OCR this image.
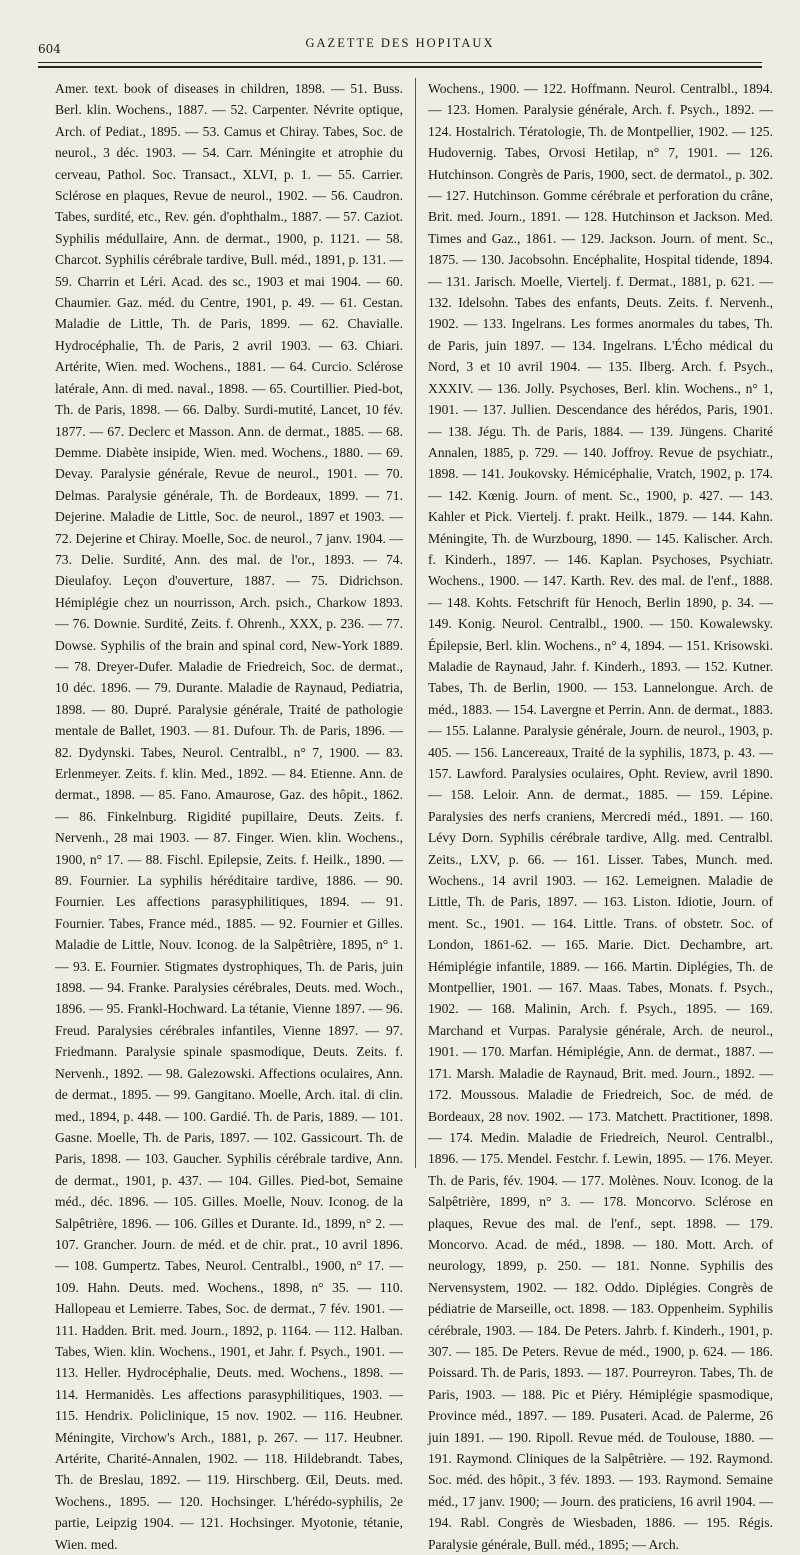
604	GAZETTE DES HOPITAUX

Amer. text. book of diseases in children, 1898. — 51. Buss. Berl. klin. Wochens., 1887. — 52. Carpenter. Névrite optique, Arch. of Pediat., 1895. — 53. Camus et Chiray. Tabes, Soc. de neurol., 3 déc. 1903. — 54. Carr. Méningite et atrophie du cerveau, Pathol. Soc. Transact., XLVI, p. 1. — 55. Carrier. Sclérose en plaques, Revue de neurol., 1902. — 56. Caudron. Tabes, surdité, etc., Rev. gén. d'ophthalm., 1887. — 57. Caziot. Syphilis médullaire, Ann. de dermat., 1900, p. 1121. — 58. Charcot. Syphilis cérébrale tardive, Bull. méd., 1891, p. 131. — 59. Charrin et Léri. Acad. des sc., 1903 et mai 1904. — 60. Chaumier. Gaz. méd. du Centre, 1901, p. 49. — 61. Cestan. Maladie de Little, Th. de Paris, 1899. — 62. Chavialle. Hydrocéphalie, Th. de Paris, 2 avril 1903. — 63. Chiari. Artérite, Wien. med. Wochens., 1881. — 64. Curcio. Sclérose latérale, Ann. di med. naval., 1898. — 65. Courtillier. Pied-bot, Th. de Paris, 1898. — 66. Dalby. Surdi-mutité, Lancet, 10 fév. 1877. — 67. Declerc et Masson. Ann. de dermat., 1885. — 68. Demme. Diabète insipide, Wien. med. Wochens., 1880. — 69. Devay. Paralysie générale, Revue de neurol., 1901. — 70. Delmas. Paralysie générale, Th. de Bordeaux, 1899. — 71. Dejerine. Maladie de Little, Soc. de neurol., 1897 et 1903. — 72. Dejerine et Chiray. Moelle, Soc. de neurol., 7 janv. 1904. — 73. Delie. Surdité, Ann. des mal. de l'or., 1893. — 74. Dieulafoy. Leçon d'ouverture, 1887. — 75. Didrichson. Hémiplégie chez un nourrisson, Arch. psich., Charkow 1893. — 76. Downie. Surdité, Zeits. f. Ohrenh., XXX, p. 236. — 77. Dowse. Syphilis of the brain and spinal cord, New-York 1889. — 78. Dreyer-Dufer. Maladie de Friedreich, Soc. de dermat., 10 déc. 1896. — 79. Durante. Maladie de Raynaud, Pediatria, 1898. — 80. Dupré. Paralysie générale, Traité de pathologie mentale de Ballet, 1903. — 81. Dufour. Th. de Paris, 1896. — 82. Dydynski. Tabes, Neurol. Centralbl., n° 7, 1900. — 83. Erlenmeyer. Zeits. f. klin. Med., 1892. — 84. Etienne. Ann. de dermat., 1898. — 85. Fano. Amaurose, Gaz. des hôpit., 1862. — 86. Finkelnburg. Rigidité pupillaire, Deuts. Zeits. f. Nervenh., 28 mai 1903. — 87. Finger. Wien. klin. Wochens., 1900, n° 17. — 88. Fischl. Epilepsie, Zeits. f. Heilk., 1890. — 89. Fournier. La syphilis héréditaire tardive, 1886. — 90. Fournier. Les affections parasyphilitiques, 1894. — 91. Fournier. Tabes, France méd., 1885. — 92. Fournier et Gilles. Maladie de Little, Nouv. Iconog. de la Salpêtrière, 1895, n° 1. — 93. E. Fournier. Stigmates dystrophiques, Th. de Paris, juin 1898. — 94. Franke. Paralysies cérébrales, Deuts. med. Woch., 1896. — 95. Frankl-Hochward. La tétanie, Vienne 1897. — 96. Freud. Paralysies cérébrales infantiles, Vienne 1897. — 97. Friedmann. Paralysie spinale spasmodique, Deuts. Zeits. f. Nervenh., 1892. — 98. Galezowski. Affections oculaires, Ann. de dermat., 1895. — 99. Gangitano. Moelle, Arch. ital. di clin. med., 1894, p. 448. — 100. Gardié. Th. de Paris, 1889. — 101. Gasne. Moelle, Th. de Paris, 1897. — 102. Gassicourt. Th. de Paris, 1898. — 103. Gaucher. Syphilis cérébrale tardive, Ann. de dermat., 1901, p. 437. — 104. Gilles. Pied-bot, Semaine méd., déc. 1896. — 105. Gilles. Moelle, Nouv. Iconog. de la Salpêtrière, 1896. — 106. Gilles et Durante. Id., 1899, n° 2. — 107. Grancher. Journ. de méd. et de chir. prat., 10 avril 1896. — 108. Gumpertz. Tabes, Neurol. Centralbl., 1900, n° 17. — 109. Hahn. Deuts. med. Wochens., 1898, n° 35. — 110. Hallopeau et Lemierre. Tabes, Soc. de dermat., 7 fév. 1901. — 111. Hadden. Brit. med. Journ., 1892, p. 1164. — 112. Halban. Tabes, Wien. klin. Wochens., 1901, et Jahr. f. Psych., 1901. — 113. Heller. Hydrocéphalie, Deuts. med. Wochens., 1898. — 114. Hermanidès. Les affections parasyphilitiques, 1903. — 115. Hendrix. Policlinique, 15 nov. 1902. — 116. Heubner. Méningite, Virchow's Arch., 1881, p. 267. — 117. Heubner. Artérite, Charité-Annalen, 1902. — 118. Hildebrandt. Tabes, Th. de Breslau, 1892. — 119. Hirschberg. Œil, Deuts. med. Wochens., 1895. — 120. Hochsinger. L'hérédo-syphilis, 2e partie, Leipzig 1904. — 121. Hochsinger. Myotonie, tétanie, Wien. med.

Wochens., 1900. — 122. Hoffmann. Neurol. Centralbl., 1894. — 123. Homen. Paralysie générale, Arch. f. Psych., 1892. — 124. Hostalrich. Tératologie, Th. de Montpellier, 1902. — 125. Hudovernig. Tabes, Orvosi Hetilap, n° 7, 1901. — 126. Hutchinson. Congrès de Paris, 1900, sect. de dermatol., p. 302. — 127. Hutchinson. Gomme cérébrale et perforation du crâne, Brit. med. Journ., 1891. — 128. Hutchinson et Jackson. Med. Times and Gaz., 1861. — 129. Jackson. Journ. of ment. Sc., 1875. — 130. Jacobsohn. Encéphalite, Hospital tidende, 1894. — 131. Jarisch. Moelle, Viertelj. f. Dermat., 1881, p. 621. — 132. Idelsohn. Tabes des enfants, Deuts. Zeits. f. Nervenh., 1902. — 133. Ingelrans. Les formes anormales du tabes, Th. de Paris, juin 1897. — 134. Ingelrans. L'Écho médical du Nord, 3 et 10 avril 1904. — 135. Ilberg. Arch. f. Psych., XXXIV. — 136. Jolly. Psychoses, Berl. klin. Wochens., n° 1, 1901. — 137. Jullien. Descendance des hérédos, Paris, 1901. — 138. Jégu. Th. de Paris, 1884. — 139. Jüngens. Charité Annalen, 1885, p. 729. — 140. Joffroy. Revue de psychiatr., 1898. — 141. Joukovsky. Hémicéphalie, Vratch, 1902, p. 174. — 142. Kœnig. Journ. of ment. Sc., 1900, p. 427. — 143. Kahler et Pick. Viertelj. f. prakt. Heilk., 1879. — 144. Kahn. Méningite, Th. de Wurzbourg, 1890. — 145. Kalischer. Arch. f. Kinderh., 1897. — 146. Kaplan. Psychoses, Psychiatr. Wochens., 1900. — 147. Karth. Rev. des mal. de l'enf., 1888. — 148. Kohts. Fetschrift für Henoch, Berlin 1890, p. 34. — 149. Konig. Neurol. Centralbl., 1900. — 150. Kowalewsky. Épilepsie, Berl. klin. Wochens., n° 4, 1894. — 151. Krisowski. Maladie de Raynaud, Jahr. f. Kinderh., 1893. — 152. Kutner. Tabes, Th. de Berlin, 1900. — 153. Lannelongue. Arch. de méd., 1883. — 154. Lavergne et Perrin. Ann. de dermat., 1883. — 155. Lalanne. Paralysie générale, Journ. de neurol., 1903, p. 405. — 156. Lancereaux, Traité de la syphilis, 1873, p. 43. — 157. Lawford. Paralysies oculaires, Opht. Review, avril 1890. — 158. Leloir. Ann. de dermat., 1885. — 159. Lépine. Paralysies des nerfs craniens, Mercredi méd., 1891. — 160. Lévy Dorn. Syphilis cérébrale tardive, Allg. med. Centralbl. Zeits., LXV, p. 66. — 161. Lisser. Tabes, Munch. med. Wochens., 14 avril 1903. — 162. Lemeignen. Maladie de Little, Th. de Paris, 1897. — 163. Liston. Idiotie, Journ. of ment. Sc., 1901. — 164. Little. Trans. of obstetr. Soc. of London, 1861-62. — 165. Marie. Dict. Dechambre, art. Hémiplégie infantile, 1889. — 166. Martin. Diplégies, Th. de Montpellier, 1901. — 167. Maas. Tabes, Monats. f. Psych., 1902. — 168. Malinin, Arch. f. Psych., 1895. — 169. Marchand et Vurpas. Paralysie générale, Arch. de neurol., 1901. — 170. Marfan. Hémiplégie, Ann. de dermat., 1887. — 171. Marsh. Maladie de Raynaud, Brit. med. Journ., 1892. — 172. Moussous. Maladie de Friedreich, Soc. de méd. de Bordeaux, 28 nov. 1902. — 173. Matchett. Practitioner, 1898. — 174. Medin. Maladie de Friedreich, Neurol. Centralbl., 1896. — 175. Mendel. Festchr. f. Lewin, 1895. — 176. Meyer. Th. de Paris, fév. 1904. — 177. Molènes. Nouv. Iconog. de la Salpêtrière, 1899, n° 3. — 178. Moncorvo. Sclérose en plaques, Revue des mal. de l'enf., sept. 1898. — 179. Moncorvo. Acad. de méd., 1898. — 180. Mott. Arch. of neurology, 1899, p. 250. — 181. Nonne. Syphilis des Nervensystem, 1902. — 182. Oddo. Diplégies. Congrès de pédiatrie de Marseille, oct. 1898. — 183. Oppenheim. Syphilis cérébrale, 1903. — 184. De Peters. Jahrb. f. Kinderh., 1901, p. 307. — 185. De Peters. Revue de méd., 1900, p. 624. — 186. Poissard. Th. de Paris, 1893. — 187. Pourreyron. Tabes, Th. de Paris, 1903. — 188. Pic et Piéry. Hémiplégie spasmodique, Province méd., 1897. — 189. Pusateri. Acad. de Palerme, 26 juin 1891. — 190. Ripoll. Revue méd. de Toulouse, 1880. — 191. Raymond. Cliniques de la Salpêtrière. — 192. Raymond. Soc. méd. des hôpit., 3 fév. 1893. — 193. Raymond. Semaine méd., 17 janv. 1900; — Journ. des praticiens, 16 avril 1904. — 194. Rabl. Congrès de Wiesbaden, 1886. — 195. Régis. Paralysie générale, Bull. méd., 1895; — Arch.
